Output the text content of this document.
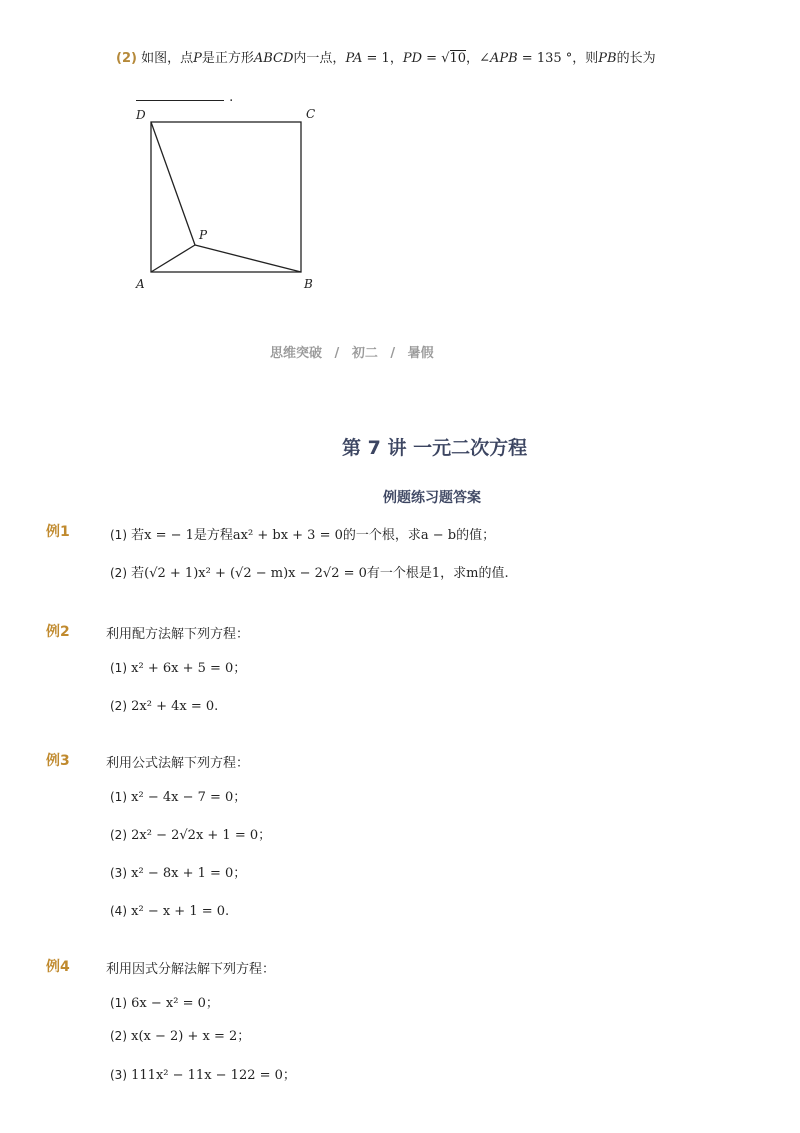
(2) 如图，点P是正方形ABCD内一点，PA = 1，PD = √10，∠APB = 135 °，则PB的长为
.
D	C
A	B
P
思维突破 / 初二 / 暑假
第 7 讲 一元二次方程
例题练习题答案
例1	(1) 若x = − 1是方程ax² + bx + 3 = 0的一个根，求a − b的值；
(2) 若(√2 + 1)x² + (√2 − m)x − 2√2 = 0有一个根是1，求m的值.
例2	利用配方法解下列方程：
(1) x² + 6x + 5 = 0；
(2) 2x² + 4x = 0.
例3	利用公式法解下列方程：
(1) x² − 4x − 7 = 0；
(2) 2x² − 2√2x + 1 = 0；
(3) x² − 8x + 1 = 0；
(4) x² − x + 1 = 0.
例4	利用因式分解法解下列方程：
(1) 6x − x² = 0；
(2) x(x − 2) + x = 2；
(3) 111x² − 11x − 122 = 0；
